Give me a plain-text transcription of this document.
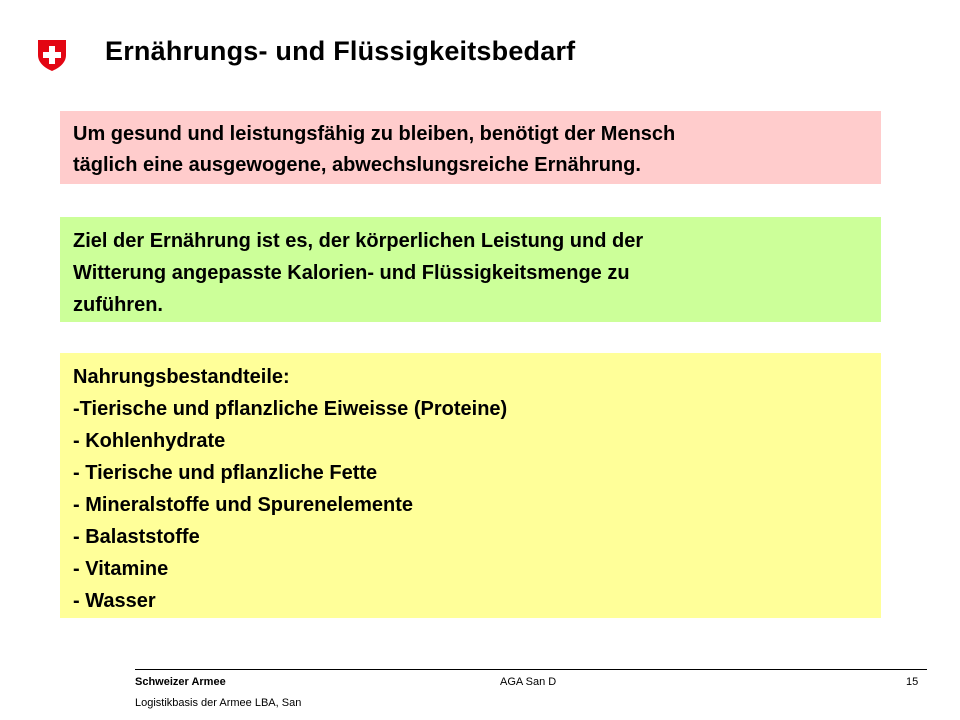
Ernährungs- und Flüssigkeitsbedarf

Um gesund und leistungsfähig zu bleiben, benötigt der Mensch

täglich eine ausgewogene, abwechslungsreiche Ernährung.

Ziel der Ernährung ist es, der körperlichen Leistung und der

Witterung angepasste Kalorien- und Flüssigkeitsmenge zu

zuführen.

Nahrungsbestandteile:

-Tierische und pflanzliche Eiweisse (Proteine)

- Kohlenhydrate

- Tierische und pflanzliche Fette

- Mineralstoffe und Spurenelemente

- Balaststoffe

- Vitamine

- Wasser

Schweizer Armee	AGA San D	15
Logistikbasis der Armee LBA, San
